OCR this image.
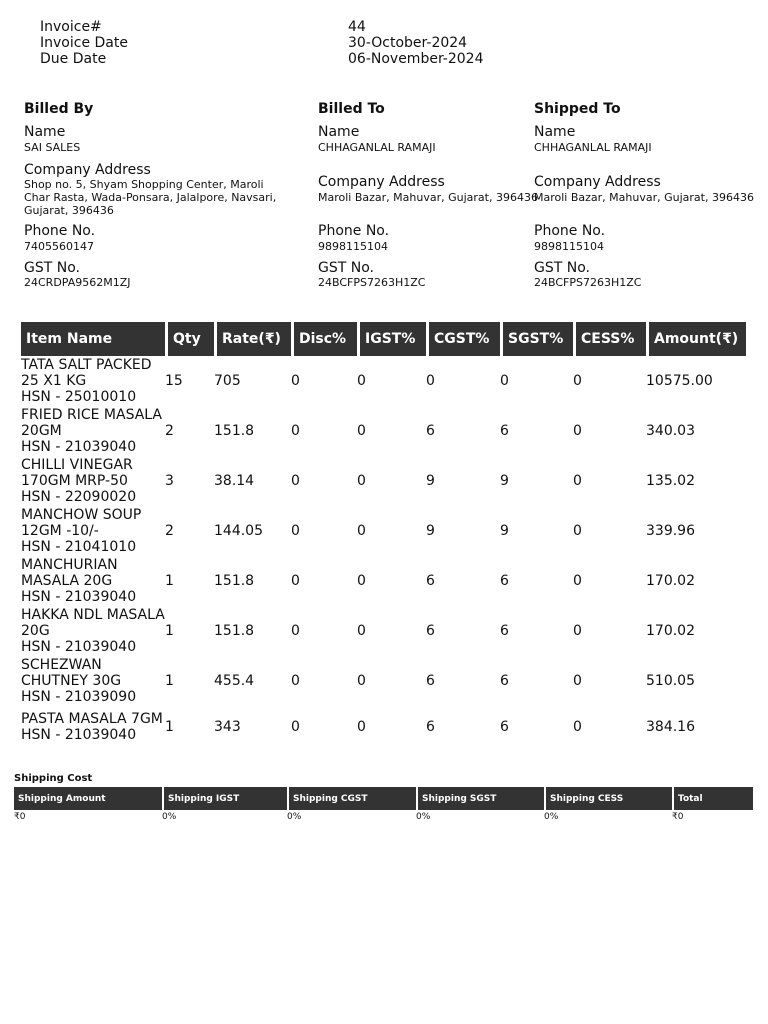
Invoice#	44
Invoice Date	30-October-2024
Due Date	06-November-2024
Billed By
Name
SAI SALES
Company Address
Shop no. 5, Shyam Shopping Center, Maroli Char Rasta, Wada-Ponsara, Jalalpore, Navsari, Gujarat, 396436
Phone No.
7405560147
GST No.
24CRDPA9562M1ZJ
Billed To
Name
CHHAGANLAL RAMAJI
Company Address
Maroli Bazar, Mahuvar, Gujarat, 396436
Phone No.
9898115104
GST No.
24BCFPS7263H1ZC
Shipped To
Name
CHHAGANLAL RAMAJI
Company Address
Maroli Bazar, Mahuvar, Gujarat, 396436
Phone No.
9898115104
GST No.
24BCFPS7263H1ZC
Item Name	Qty	Rate(₹)	Disc%	IGST%	CGST%	SGST%	CESS%	Amount(₹)

TATA SALT PACKED 25 X1 KG
HSN - 25010010	15	705	0	0	0	0	0	10575.00

FRIED RICE MASALA 20GM
HSN - 21039040	2	151.8	0	0	6	6	0	340.03

CHILLI VINEGAR 170GM MRP-50
HSN - 22090020	3	38.14	0	0	9	9	0	135.02

MANCHOW SOUP 12GM -10/-
HSN - 21041010	2	144.05	0	0	9	9	0	339.96

MANCHURIAN MASALA 20G
HSN - 21039040	1	151.8	0	0	6	6	0	170.02

HAKKA NDL MASALA 20G
HSN - 21039040	1	151.8	0	0	6	6	0	170.02

SCHEZWAN CHUTNEY 30G
HSN - 21039090	1	455.4	0	0	6	6	0	510.05

PASTA MASALA 7GM
HSN - 21039040	1	343	0	0	6	6	0	384.16
Shipping Cost
Shipping Amount	Shipping IGST	Shipping CGST	Shipping SGST	Shipping CESS	Total
₹0	0%	0%	0%	0%	₹0
